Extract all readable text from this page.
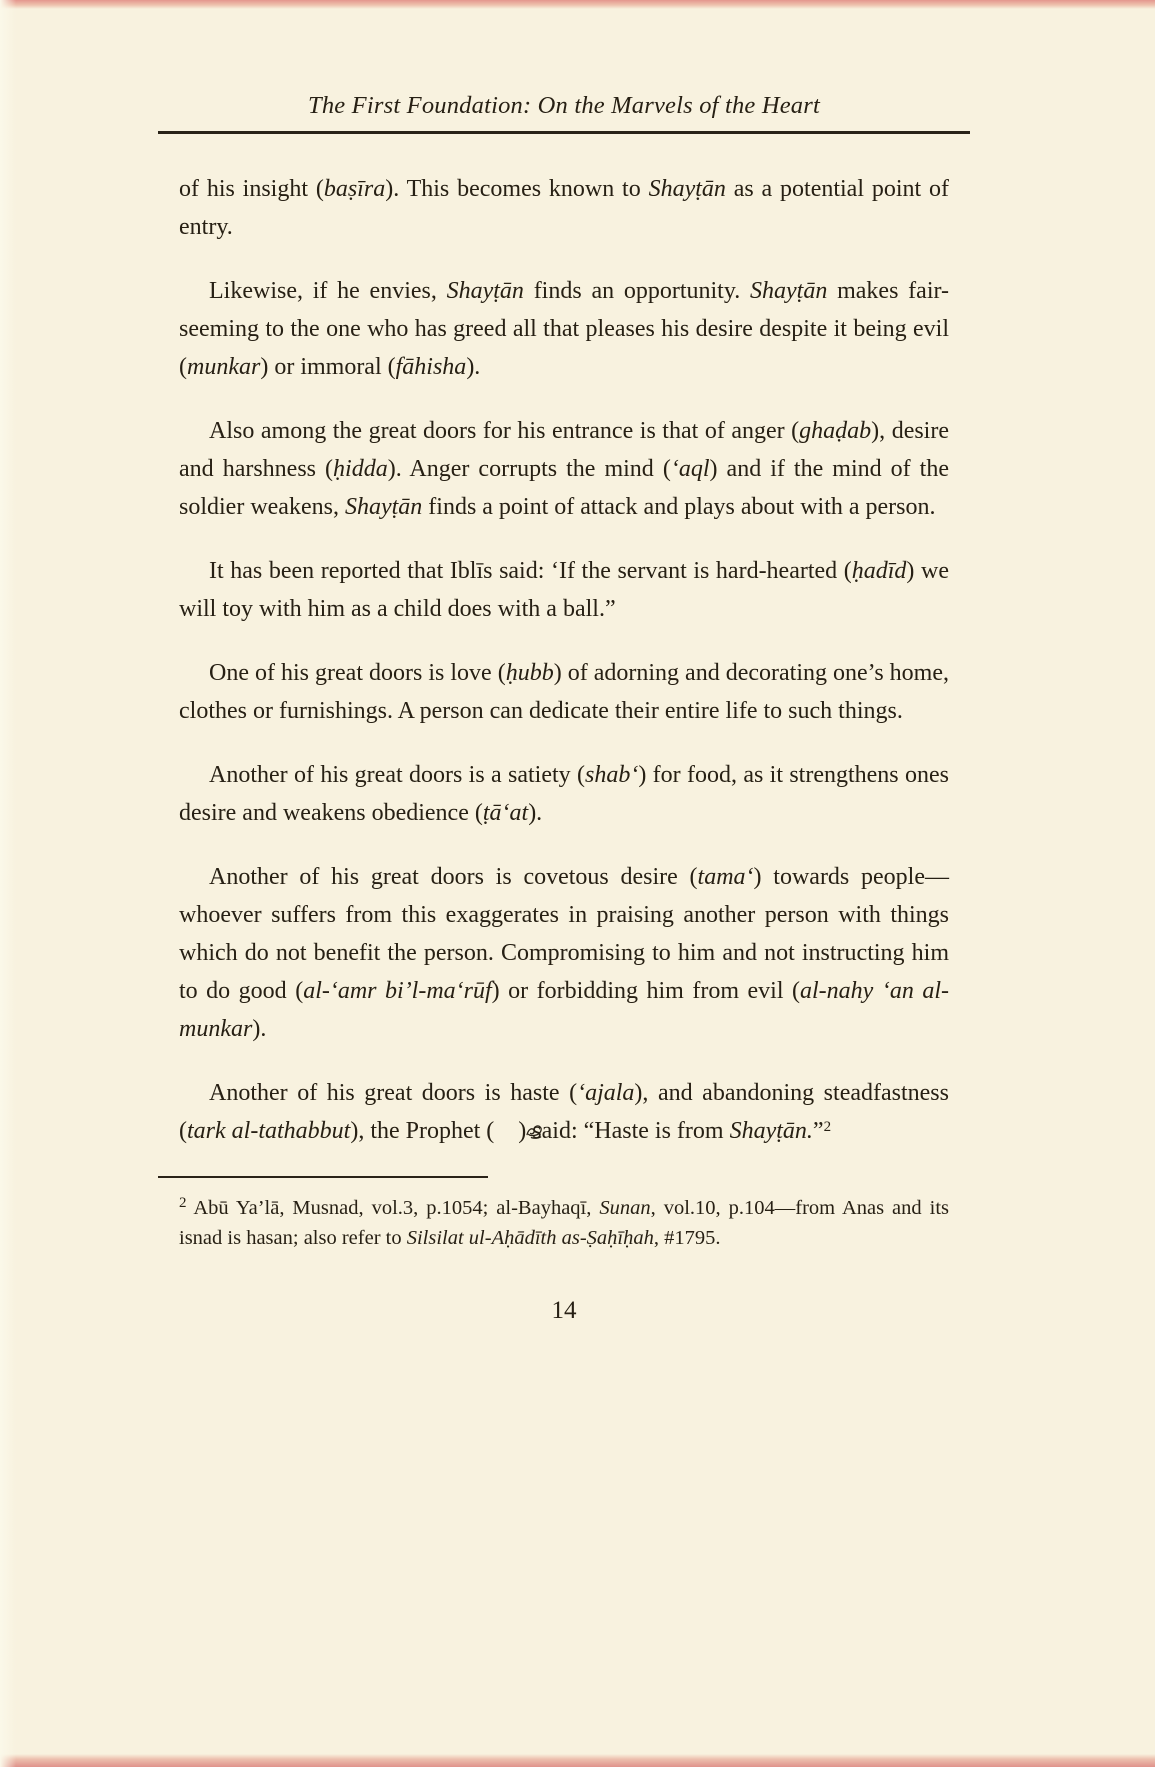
The First Foundation: On the Marvels of the Heart

of his insight (baṣīra). This becomes known to Shayṭān as a potential point of entry.

Likewise, if he envies, Shayṭān finds an opportunity. Shayṭān makes fair-seeming to the one who has greed all that pleases his desire despite it being evil (munkar) or immoral (fāhisha).

Also among the great doors for his entrance is that of anger (ghaḍab), desire and harshness (ḥidda). Anger corrupts the mind (‘aql) and if the mind of the soldier weakens, Shayṭān finds a point of attack and plays about with a person.

It has been reported that Iblīs said: ‘If the servant is hard-hearted (ḥadīd) we will toy with him as a child does with a ball.”

One of his great doors is love (ḥubb) of adorning and decorating one’s home, clothes or furnishings. A person can dedicate their entire life to such things.

Another of his great doors is a satiety (shab‘) for food, as it strengthens ones desire and weakens obedience (ṭā‘at).

Another of his great doors is covetous desire (tama‘) towards people—whoever suffers from this exaggerates in praising another person with things which do not benefit the person. Compromising to him and not instructing him to do good (al-‘amr bi’l-ma‘rūf) or forbidding him from evil (al-nahy ‘an al-munkar).

Another of his great doors is haste (‘ajala), and abandoning steadfastness (tark al-tathabbut), the Prophet ( ) said: “Haste is from Shayṭān.”$^2$

$^2$ Abū Ya’lā, Musnad, vol.3, p.1054; al-Bayhaqī, Sunan, vol.10, p.104—from Anas and its isnad is hasan; also refer to Silsilat ul-Aḥādīth as-Ṣaḥīḥah, #1795.
14
